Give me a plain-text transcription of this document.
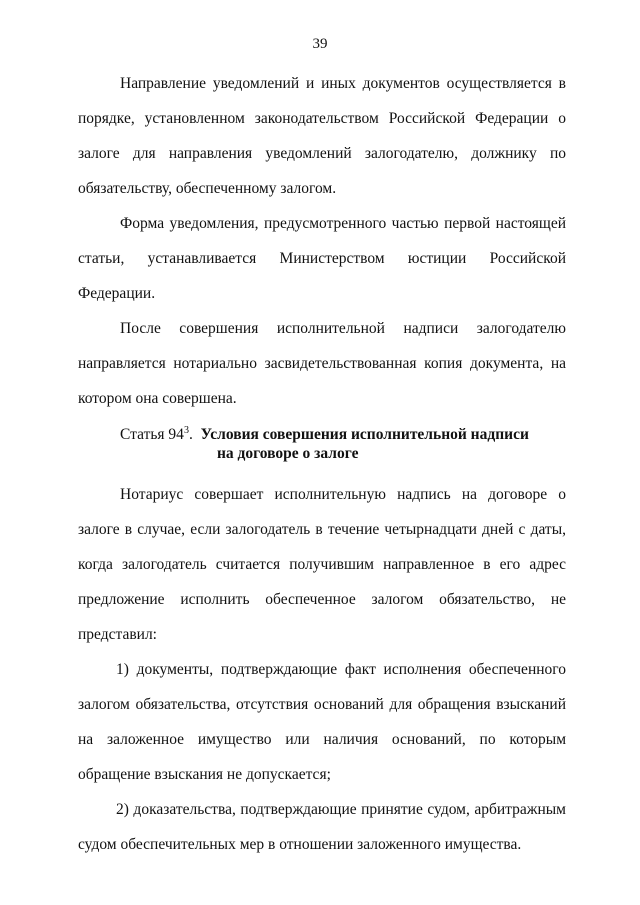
39

Направление уведомлений и иных документов осуществляется в порядке, установленном законодательством Российской Федерации о залоге для направления уведомлений залогодателю, должнику по обязательству, обеспеченному залогом.

Форма уведомления, предусмотренного частью первой настоящей статьи, устанавливается Министерством юстиции Российской Федерации.

После совершения исполнительной надписи залогодателю направляется нотариально засвидетельствованная копия документа, на котором она совершена.

Статья $94^3$. Условия совершения исполнительной надписи
на договоре о залоге

Нотариус совершает исполнительную надпись на договоре о залоге в случае, если залогодатель в течение четырнадцати дней с даты, когда залогодатель считается получившим направленное в его адрес предложение исполнить обеспеченное залогом обязательство, не представил:

1) документы, подтверждающие факт исполнения обеспеченного залогом обязательства, отсутствия оснований для обращения взысканий на заложенное имущество или наличия оснований, по которым обращение взыскания не допускается;

2) доказательства, подтверждающие принятие судом, арбитражным судом обеспечительных мер в отношении заложенного имущества.
